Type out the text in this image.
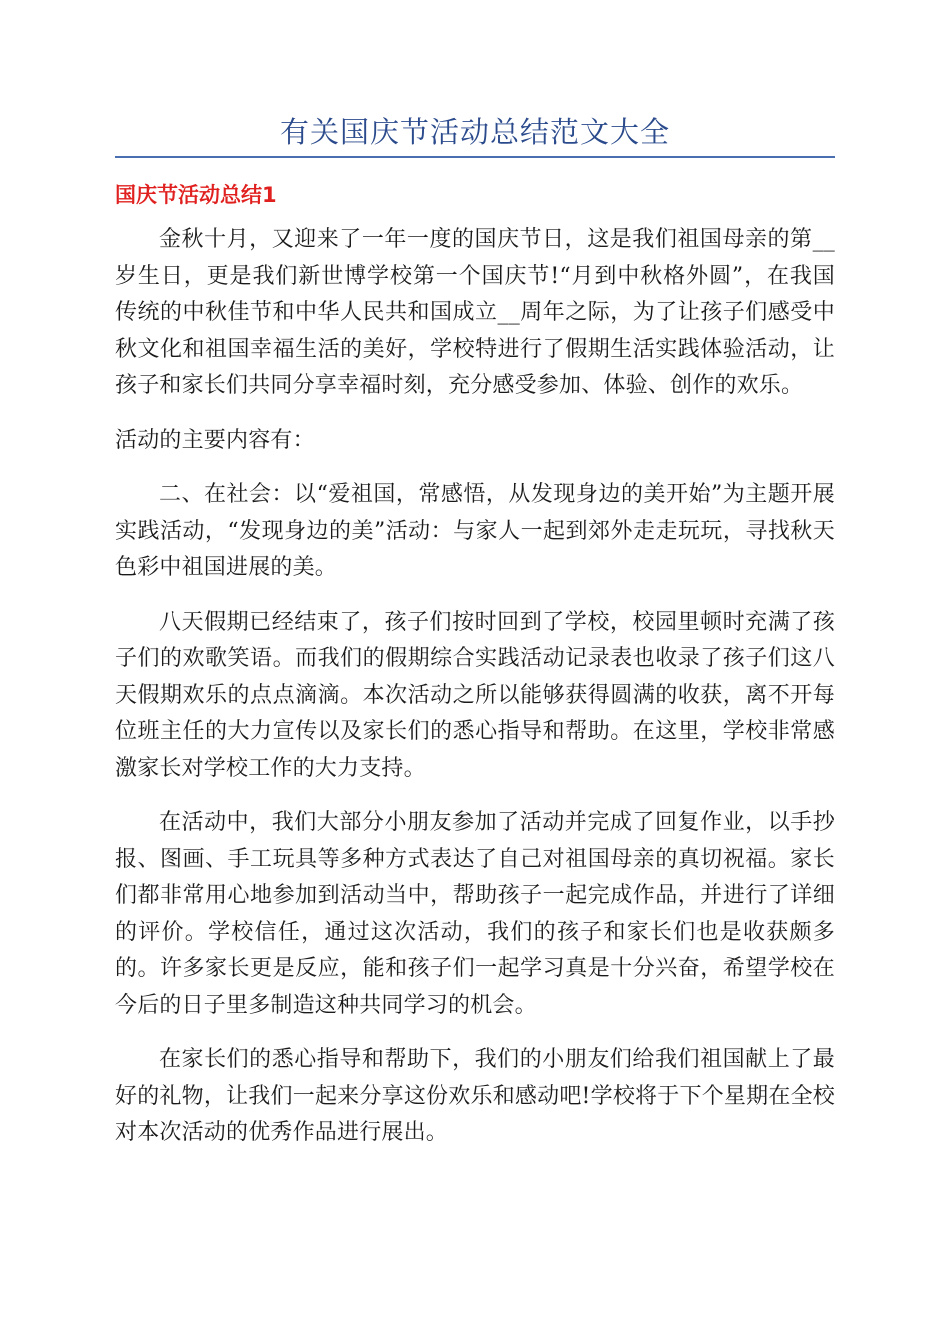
有关国庆节活动总结范文大全
国庆节活动总结1

金秋十月，又迎来了一年一度的国庆节日，这是我们祖国母亲的第__岁生日，更是我们新世博学校第一个国庆节!“月到中秋格外圆”，在我国传统的中秋佳节和中华人民共和国成立__周年之际，为了让孩子们感受中秋文化和祖国幸福生活的美好，学校特进行了假期生活实践体验活动，让孩子和家长们共同分享幸福时刻，充分感受参加、体验、创作的欢乐。

活动的主要内容有：

二、在社会：以“爱祖国，常感悟，从发现身边的美开始”为主题开展实践活动，“发现身边的美”活动：与家人一起到郊外走走玩玩，寻找秋天色彩中祖国进展的美。

八天假期已经结束了，孩子们按时回到了学校，校园里顿时充满了孩子们的欢歌笑语。而我们的假期综合实践活动记录表也收录了孩子们这八天假期欢乐的点点滴滴。本次活动之所以能够获得圆满的收获，离不开每位班主任的大力宣传以及家长们的悉心指导和帮助。在这里，学校非常感激家长对学校工作的大力支持。

在活动中，我们大部分小朋友参加了活动并完成了回复作业，以手抄报、图画、手工玩具等多种方式表达了自己对祖国母亲的真切祝福。家长们都非常用心地参加到活动当中，帮助孩子一起完成作品，并进行了详细的评价。学校信任，通过这次活动，我们的孩子和家长们也是收获颇多的。许多家长更是反应，能和孩子们一起学习真是十分兴奋，希望学校在今后的日子里多制造这种共同学习的机会。

在家长们的悉心指导和帮助下，我们的小朋友们给我们祖国献上了最好的礼物，让我们一起来分享这份欢乐和感动吧!学校将于下个星期在全校对本次活动的优秀作品进行展出。
